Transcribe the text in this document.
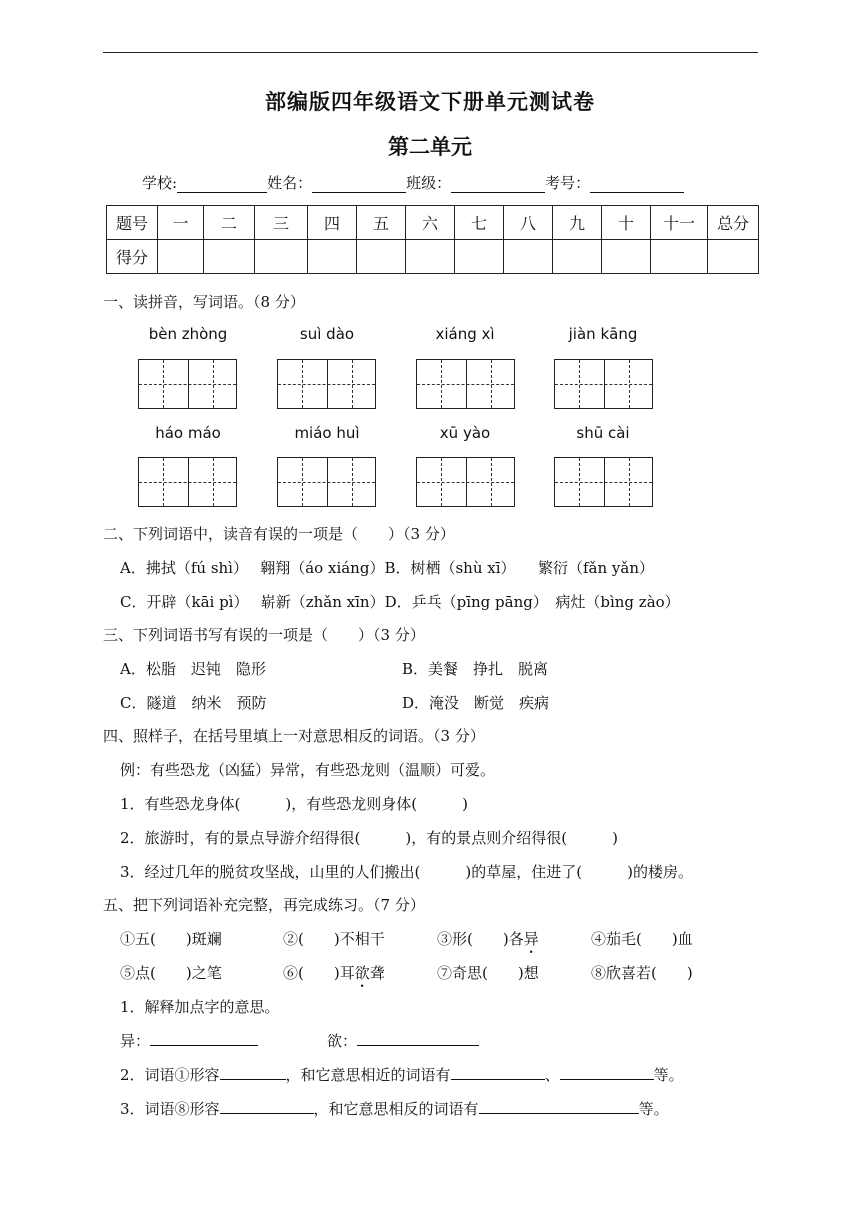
部编版四年级语文下册单元测试卷
第二单元
学校:	姓名：	班级：	考号：
题号	一	二	三	四	五	六	七	八	九	十	十一	总分
得分												
一、读拼音，写词语。（8 分）
bèn zhòng	suì dào	xiáng xì	jiàn kāng
háo máo	miáo huì	xū yào	shū cài
二、下列词语中，读音有误的一项是（　　）（3 分）
A．拂拭（fú shì）　 翱翔（áo xiáng）B．树栖（shù xī）　　繁衍（fǎn yǎn）
C．开辟（kāi pì）　 崭新（zhǎn xīn）D．乒乓（pīng pāng）　病灶（bìng zào）
三、下列词语书写有误的一项是（　　）（3 分）
A．松脂　迟钝　隐形	B．美餐　挣扎　脱离
C．隧道　纳米　预防	D．淹没　断觉　疾病
四、照样子，在括号里填上一对意思相反的词语。（3 分）
例：有些恐龙（凶猛）异常，有些恐龙则（温顺）可爱。
1．有些恐龙身体(　　　)，有些恐龙则身体(　　　)
2．旅游时，有的景点导游介绍得很(　　　)，有的景点则介绍得很(　　　)
3．经过几年的脱贫攻坚战，山里的人们搬出(　　　)的草屋，住进了(　　　)的楼房。
五、把下列词语补充完整，再完成练习。（7 分）
①五(　　)斑斓	②(　　)不相干	③形(　　)各异	④茄毛(　　)血
⑤点(　　)之笔	⑥(　　)耳欲聋	⑦奇思(　　)想	⑧欣喜若(　　)
1．解释加点字的意思。
异：	欲：
2．词语①形容	，和它意思相近的词语有	、	等。
3．词语⑧形容	，和它意思相反的词语有	等。
